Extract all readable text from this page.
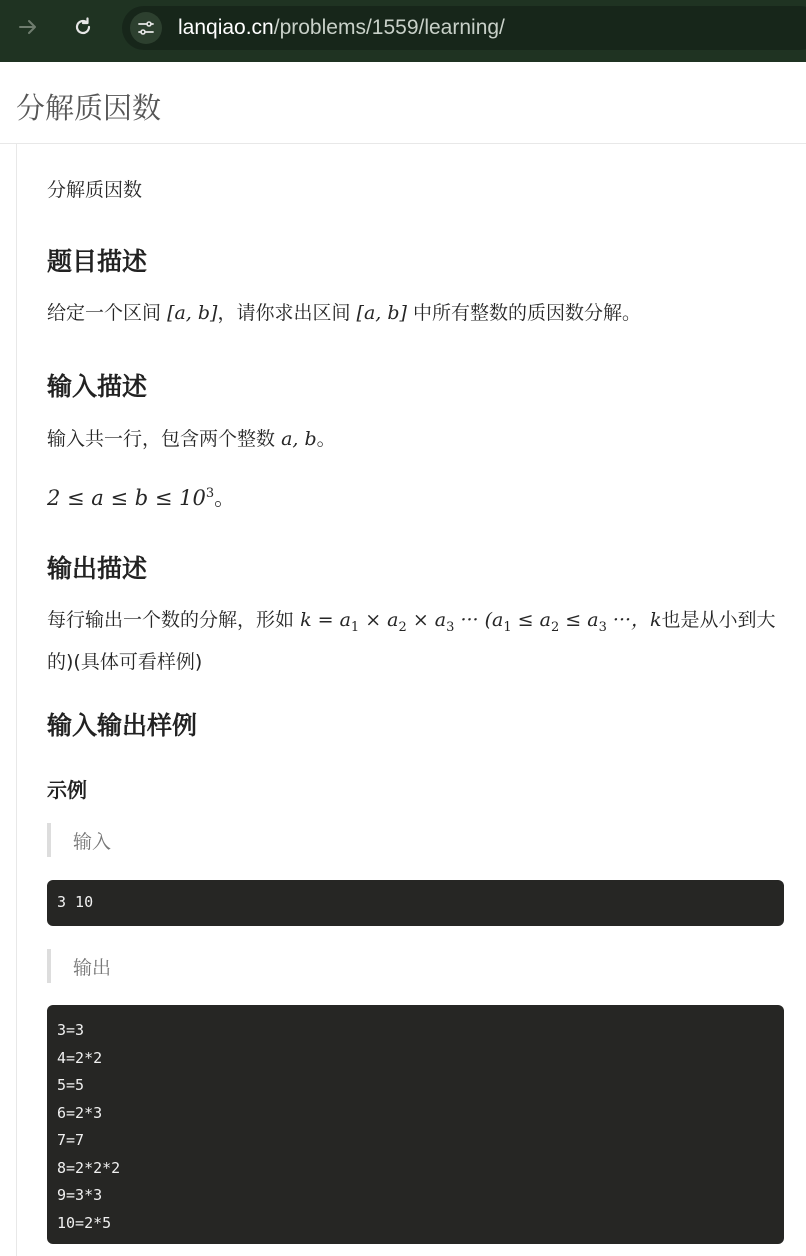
lanqiao.cn/problems/1559/learning/
分解质因数
分解质因数
题目描述
给定一个区间 [a, b]，请你求出区间 [a, b] 中所有整数的质因数分解。
输入描述
输入共一行，包含两个整数 a, b。
$2 \le a \le b \le 10^3$。
输出描述
每行输出一个数的分解，形如 $k = a_1 \times a_2 \times a_3$ ··· ($a_1 \le a_2 \le a_3$ ···，k也是从小到大的)(具体可看样例)
输入输出样例
示例
输入
3 10
输出
3=3
4=2*2
5=5
6=2*3
7=7
8=2*2*2
9=3*3
10=2*5
